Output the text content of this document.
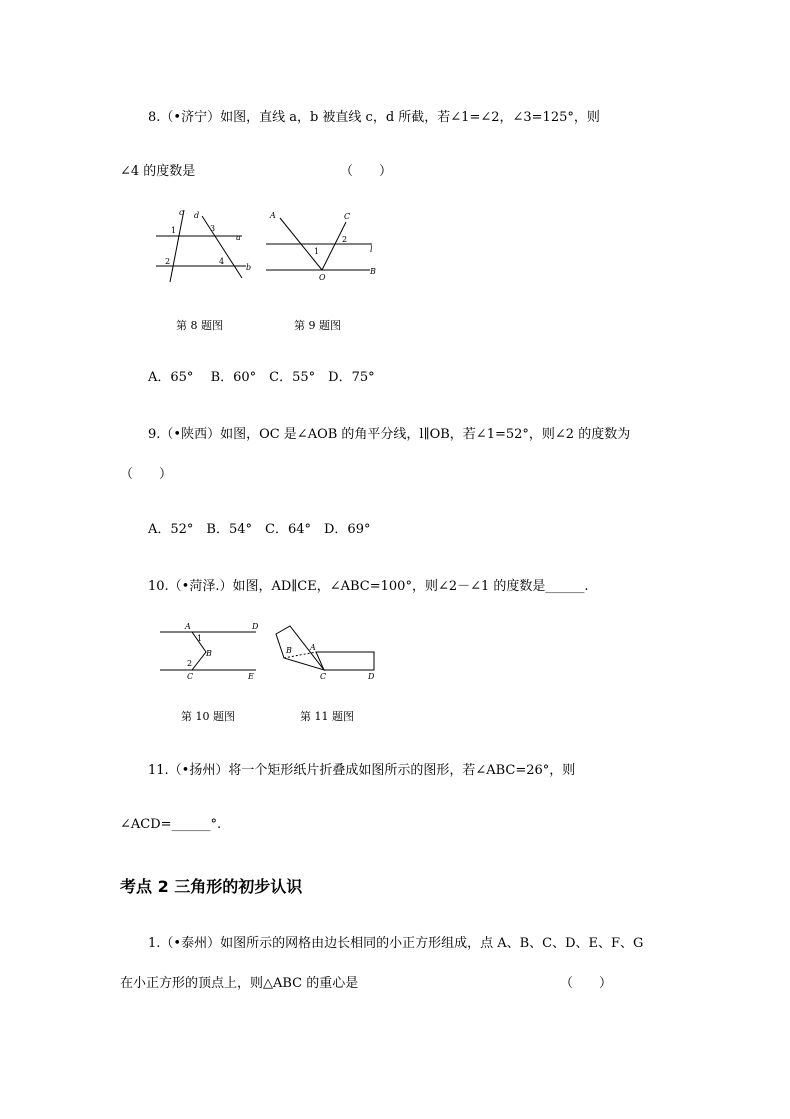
8.（•济宁）如图，直线 a，b 被直线 c，d 所截，若∠1=∠2，∠3=125°，则
∠4 的度数是	（　　）
c d
a
b
1
2
3
4
A	C
l
B
O
1
2
第 8 题图	第 9 题图
A．65°　 B．60°　C．55°　D．75°
9.（•陕西）如图，OC 是∠AOB 的角平分线，l∥OB，若∠1=52°，则∠2 的度数为
（　　）
A．52°　B．54°　C．64°　D．69°
10.（•菏泽.）如图，AD∥CE，∠ABC=100°，则∠2－∠1 的度数是______.
A	D
B
C	E
1
2
B A
C	D
第 10 题图	第 11 题图
11.（•扬州）将一个矩形纸片折叠成如图所示的图形，若∠ABC=26°，则
∠ACD=______°.
考点 2 三角形的初步认识
1.（•泰州）如图所示的网格由边长相同的小正方形组成，点 A、B、C、D、E、F、G
在小正方形的顶点上，则△ABC 的重心是	（　　）
